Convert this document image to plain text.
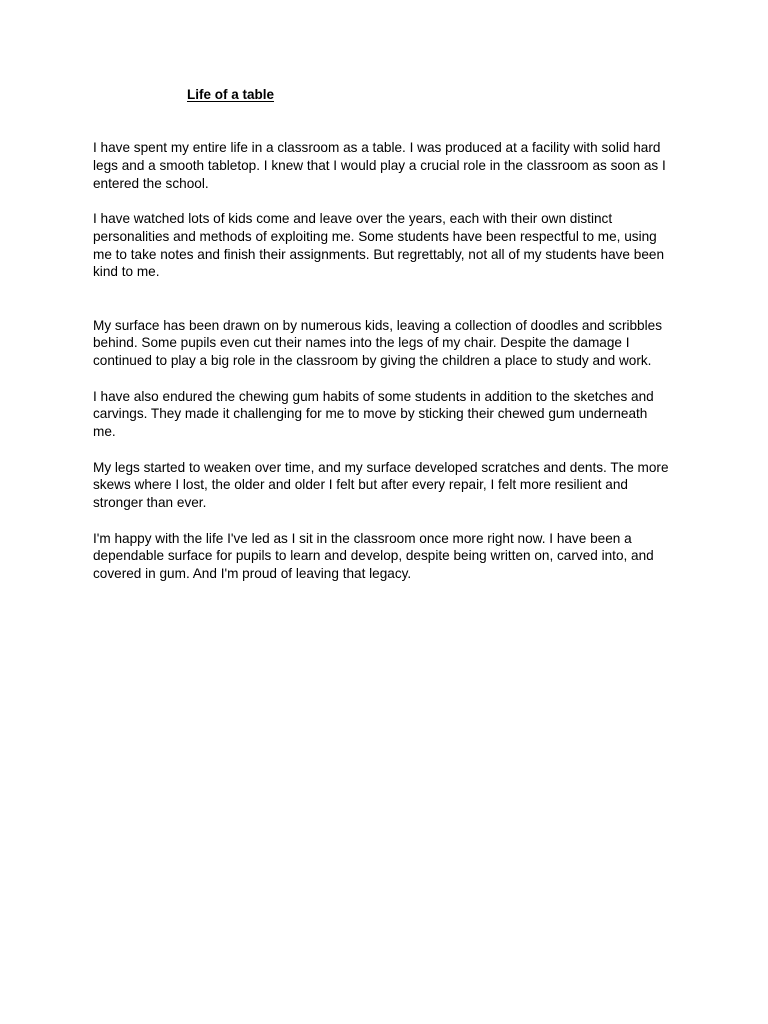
Life of a table

I have spent my entire life in a classroom as a table. I was produced at a facility with solid hard legs and a smooth tabletop. I knew that I would play a crucial role in the classroom as soon as I entered the school.

I have watched lots of kids come and leave over the years, each with their own distinct personalities and methods of exploiting me. Some students have been respectful to me, using me to take notes and finish their assignments. But regrettably, not all of my students have been kind to me.

My surface has been drawn on by numerous kids, leaving a collection of doodles and scribbles behind. Some pupils even cut their names into the legs of my chair. Despite the damage I continued to play a big role in the classroom by giving the children a place to study and work.

I have also endured the chewing gum habits of some students in addition to the sketches and carvings. They made it challenging for me to move by sticking their chewed gum underneath me.

My legs started to weaken over time, and my surface developed scratches and dents. The more skews where I lost, the older and older I felt but after every repair, I felt more resilient and stronger than ever.

I'm happy with the life I've led as I sit in the classroom once more right now. I have been a dependable surface for pupils to learn and develop, despite being written on, carved into, and covered in gum. And I'm proud of leaving that legacy.
